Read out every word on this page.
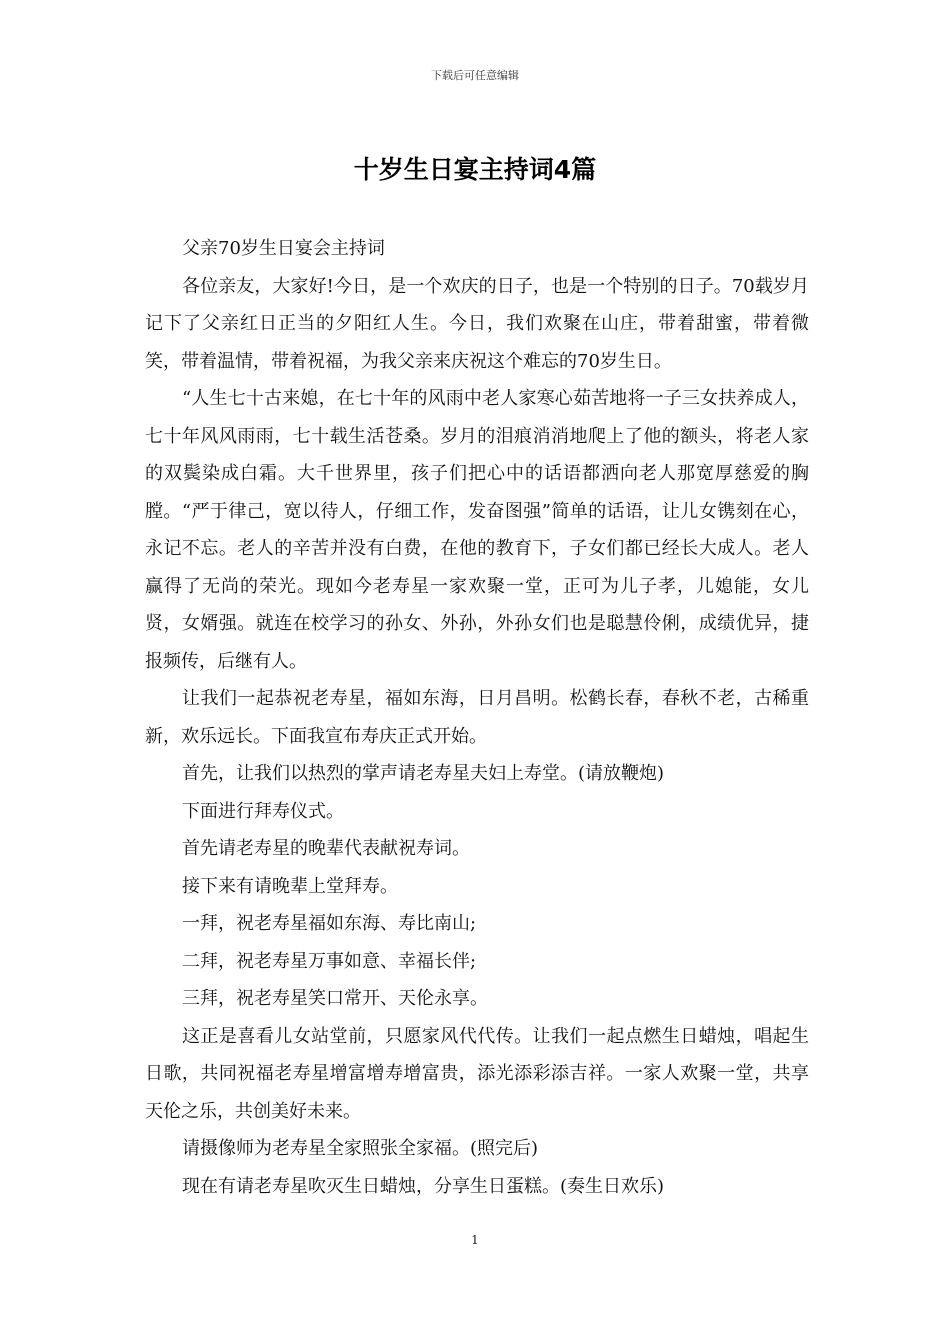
下载后可任意编辑
十岁生日宴主持词4篇

父亲70岁生日宴会主持词

各位亲友，大家好!今日，是一个欢庆的日子，也是一个特别的日子。70载岁月记下了父亲红日正当的夕阳红人生。今日，我们欢聚在山庄，带着甜蜜，带着微笑，带着温情，带着祝福，为我父亲来庆祝这个难忘的70岁生日。

“人生七十古来媳，在七十年的风雨中老人家寒心茹苦地将一子三女扶养成人，七十年风风雨雨，七十载生活苍桑。岁月的泪痕消消地爬上了他的额头，将老人家的双鬓染成白霜。大千世界里，孩子们把心中的话语都洒向老人那宽厚慈爱的胸膛。“严于律己，宽以待人，仔细工作，发奋图强”简单的话语，让儿女镌刻在心，永记不忘。老人的辛苦并没有白费，在他的教育下，子女们都已经长大成人。老人赢得了无尚的荣光。现如今老寿星一家欢聚一堂，正可为儿子孝，儿媳能，女儿贤，女婿强。就连在校学习的孙女、外孙，外孙女们也是聪慧伶俐，成绩优异，捷报频传，后继有人。

让我们一起恭祝老寿星，福如东海，日月昌明。松鹤长春，春秋不老，古稀重新，欢乐远长。下面我宣布寿庆正式开始。

首先，让我们以热烈的掌声请老寿星夫妇上寿堂。(请放鞭炮)

下面进行拜寿仪式。

首先请老寿星的晚辈代表献祝寿词。

接下来有请晚辈上堂拜寿。

一拜，祝老寿星福如东海、寿比南山;

二拜，祝老寿星万事如意、幸福长伴;

三拜，祝老寿星笑口常开、天伦永享。

这正是喜看儿女站堂前，只愿家风代代传。让我们一起点燃生日蜡烛，唱起生日歌，共同祝福老寿星增富增寿增富贵，添光添彩添吉祥。一家人欢聚一堂，共享天伦之乐，共创美好未来。

请摄像师为老寿星全家照张全家福。(照完后)

现在有请老寿星吹灭生日蜡烛，分享生日蛋糕。(奏生日欢乐)

1
